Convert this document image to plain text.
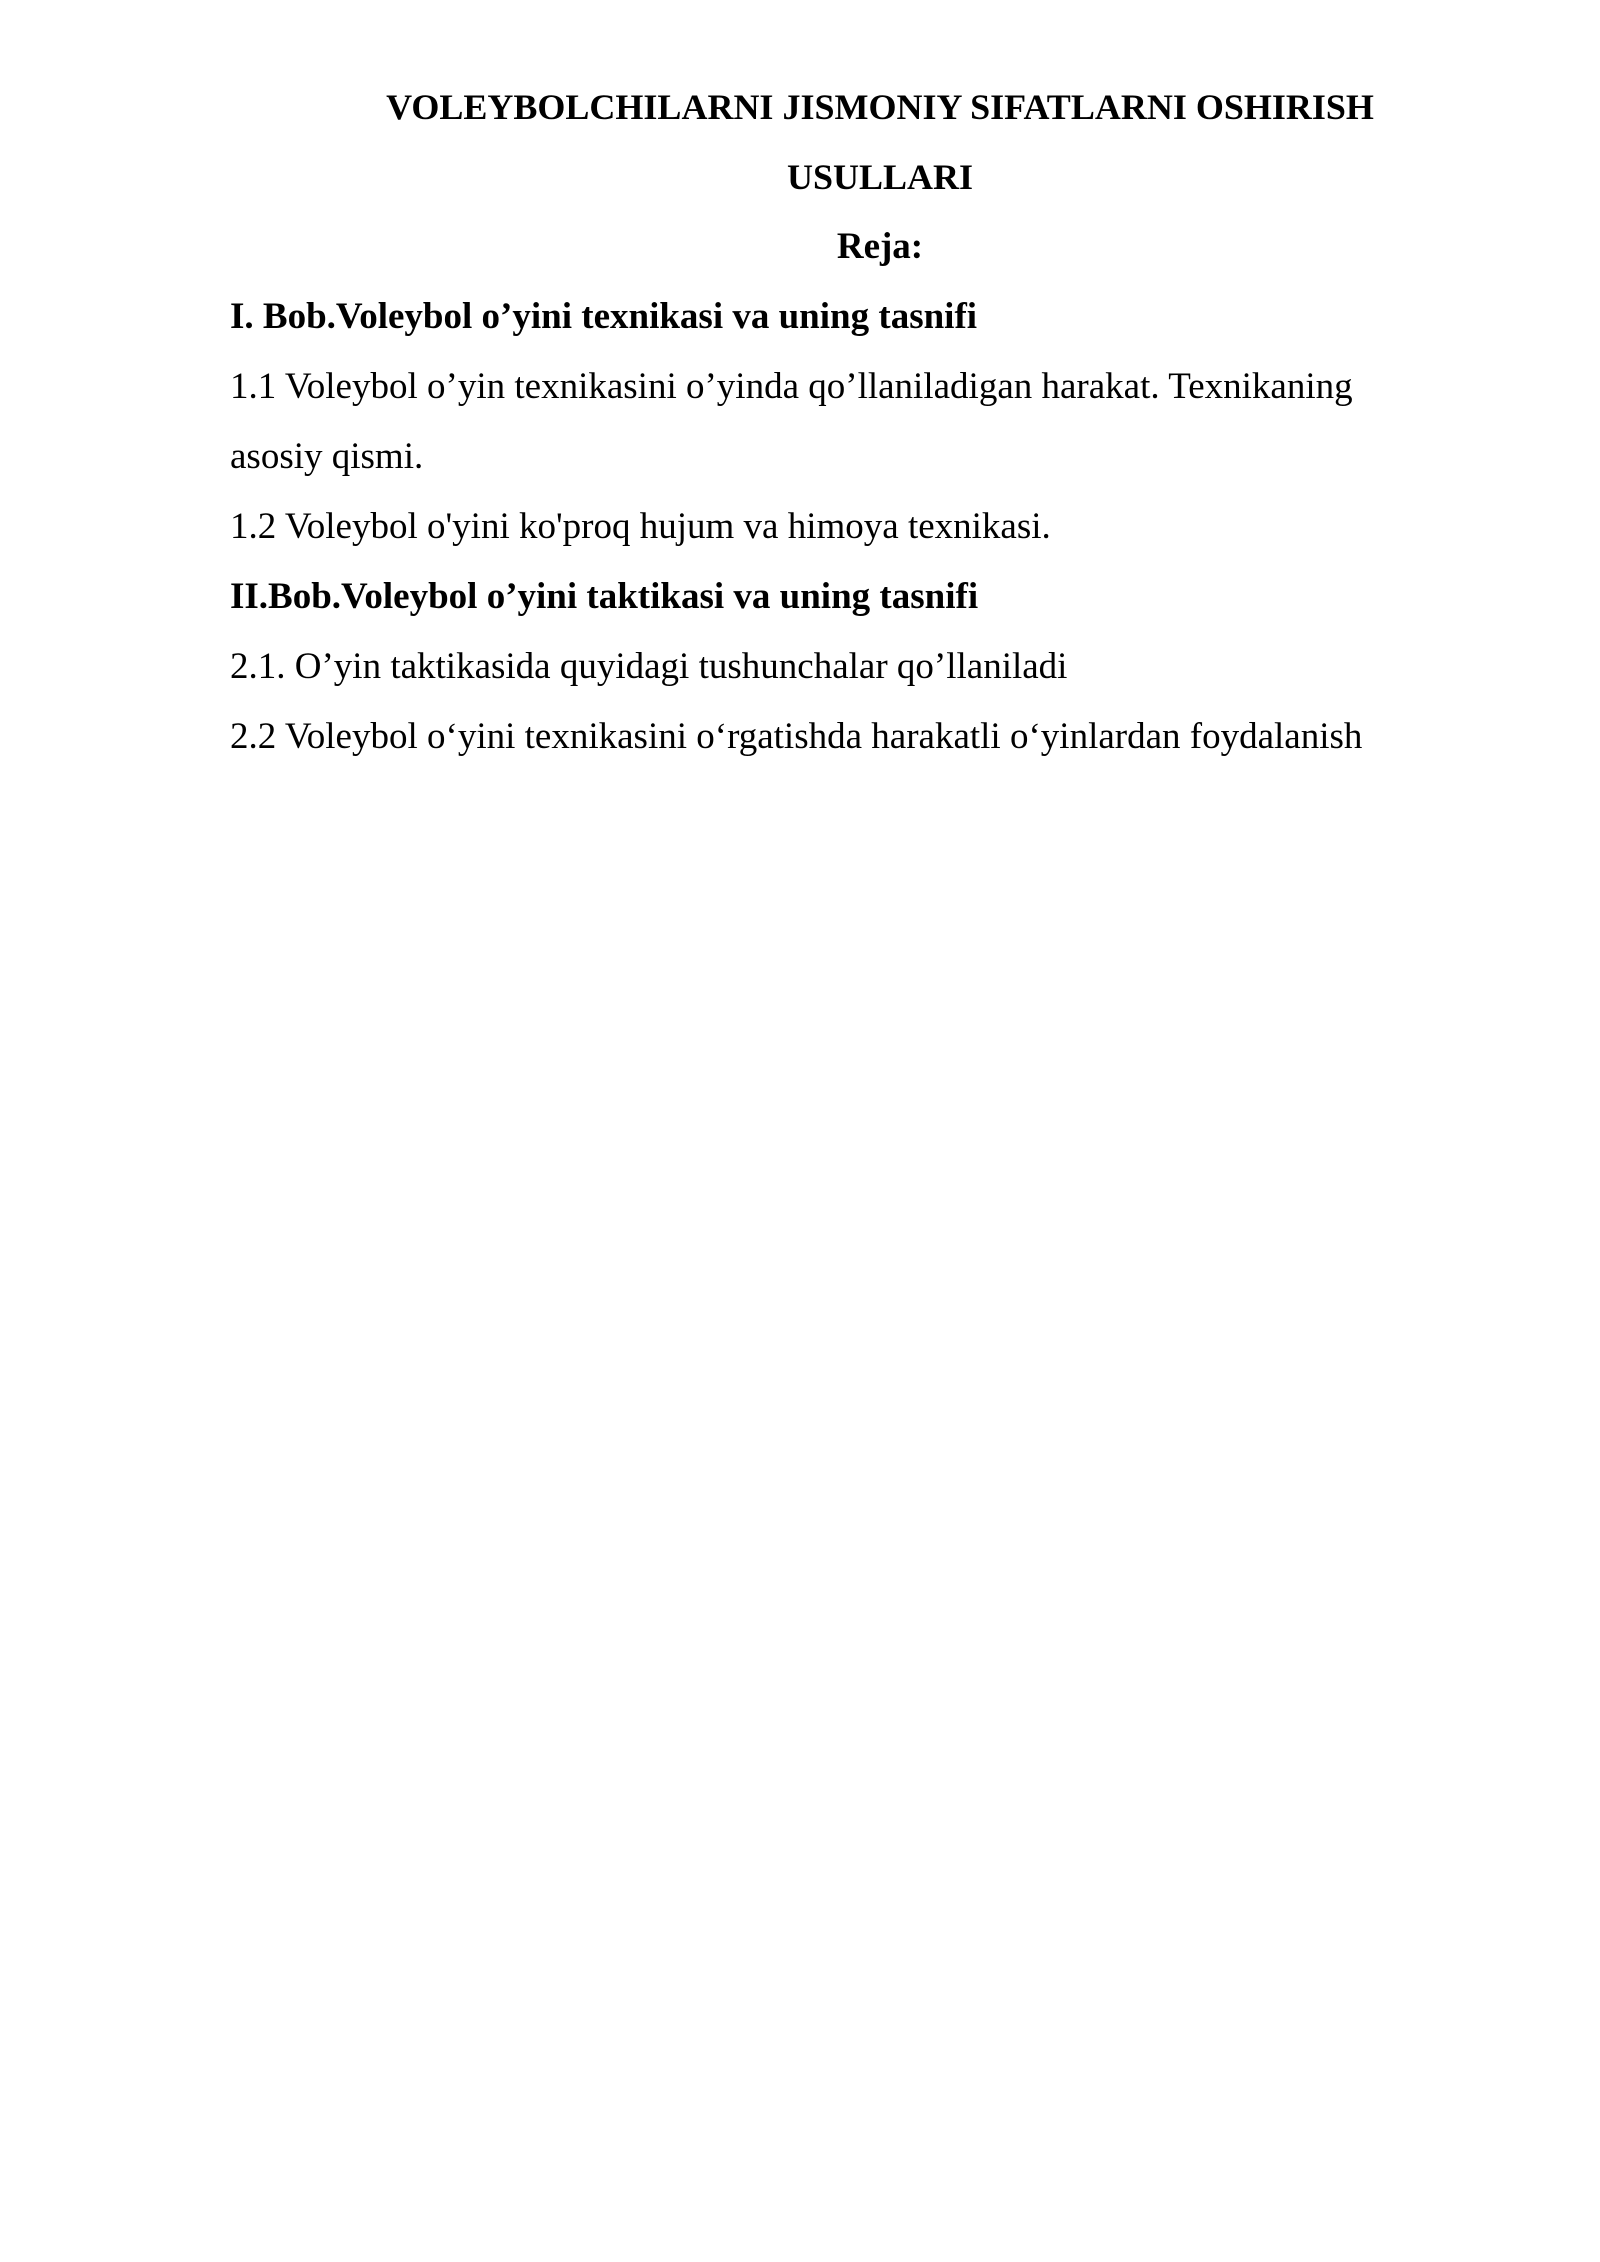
VOLEYBOLCHILARNI JISMONIY SIFATLARNI OSHIRISH

USULLARI

Reja:

I. Bob.Voleybol o’yini texnikasi va uning tasnifi

1.1 Voleybol o’yin texnikasini o’yinda qo’llaniladigan harakat. Texnikaning

asosiy qismi.

1.2 Voleybol o'yini ko'proq hujum va himoya texnikasi.

II.Bob.Voleybol o’yini taktikasi va uning tasnifi

2.1. O’yin taktikasida quyidagi tushunchalar qo’llaniladi

2.2 Voleybol o‘yini texnikasini o‘rgatishda harakatli o‘yinlardan foydalanish
